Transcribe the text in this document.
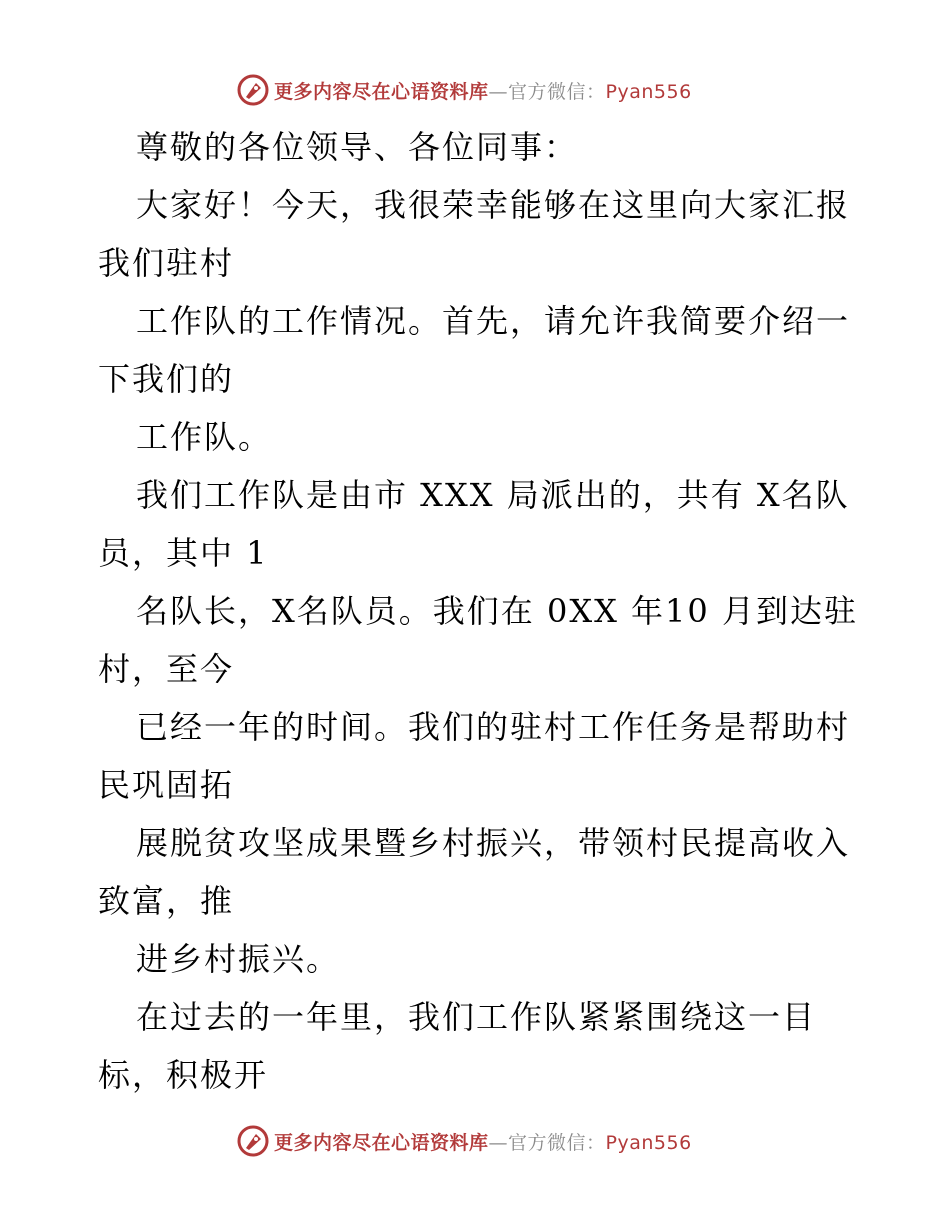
更多内容尽在心语资料库—官方微信：Pyan556
尊敬的各位领导、各位同事：
大家好！今天，我很荣幸能够在这里向大家汇报
我们驻村
工作队的工作情况。首先，请允许我简要介绍一
下我们的
工作队。
我们工作队是由市 XXX 局派出的，共有 X名队
员，其中 1
名队长，X名队员。我们在 0XX 年10 月到达驻
村，至今
已经一年的时间。我们的驻村工作任务是帮助村
民巩固拓
展脱贫攻坚成果暨乡村振兴，带领村民提高收入
致富，推
进乡村振兴。
在过去的一年里，我们工作队紧紧围绕这一目
标，积极开
更多内容尽在心语资料库—官方微信：Pyan556
